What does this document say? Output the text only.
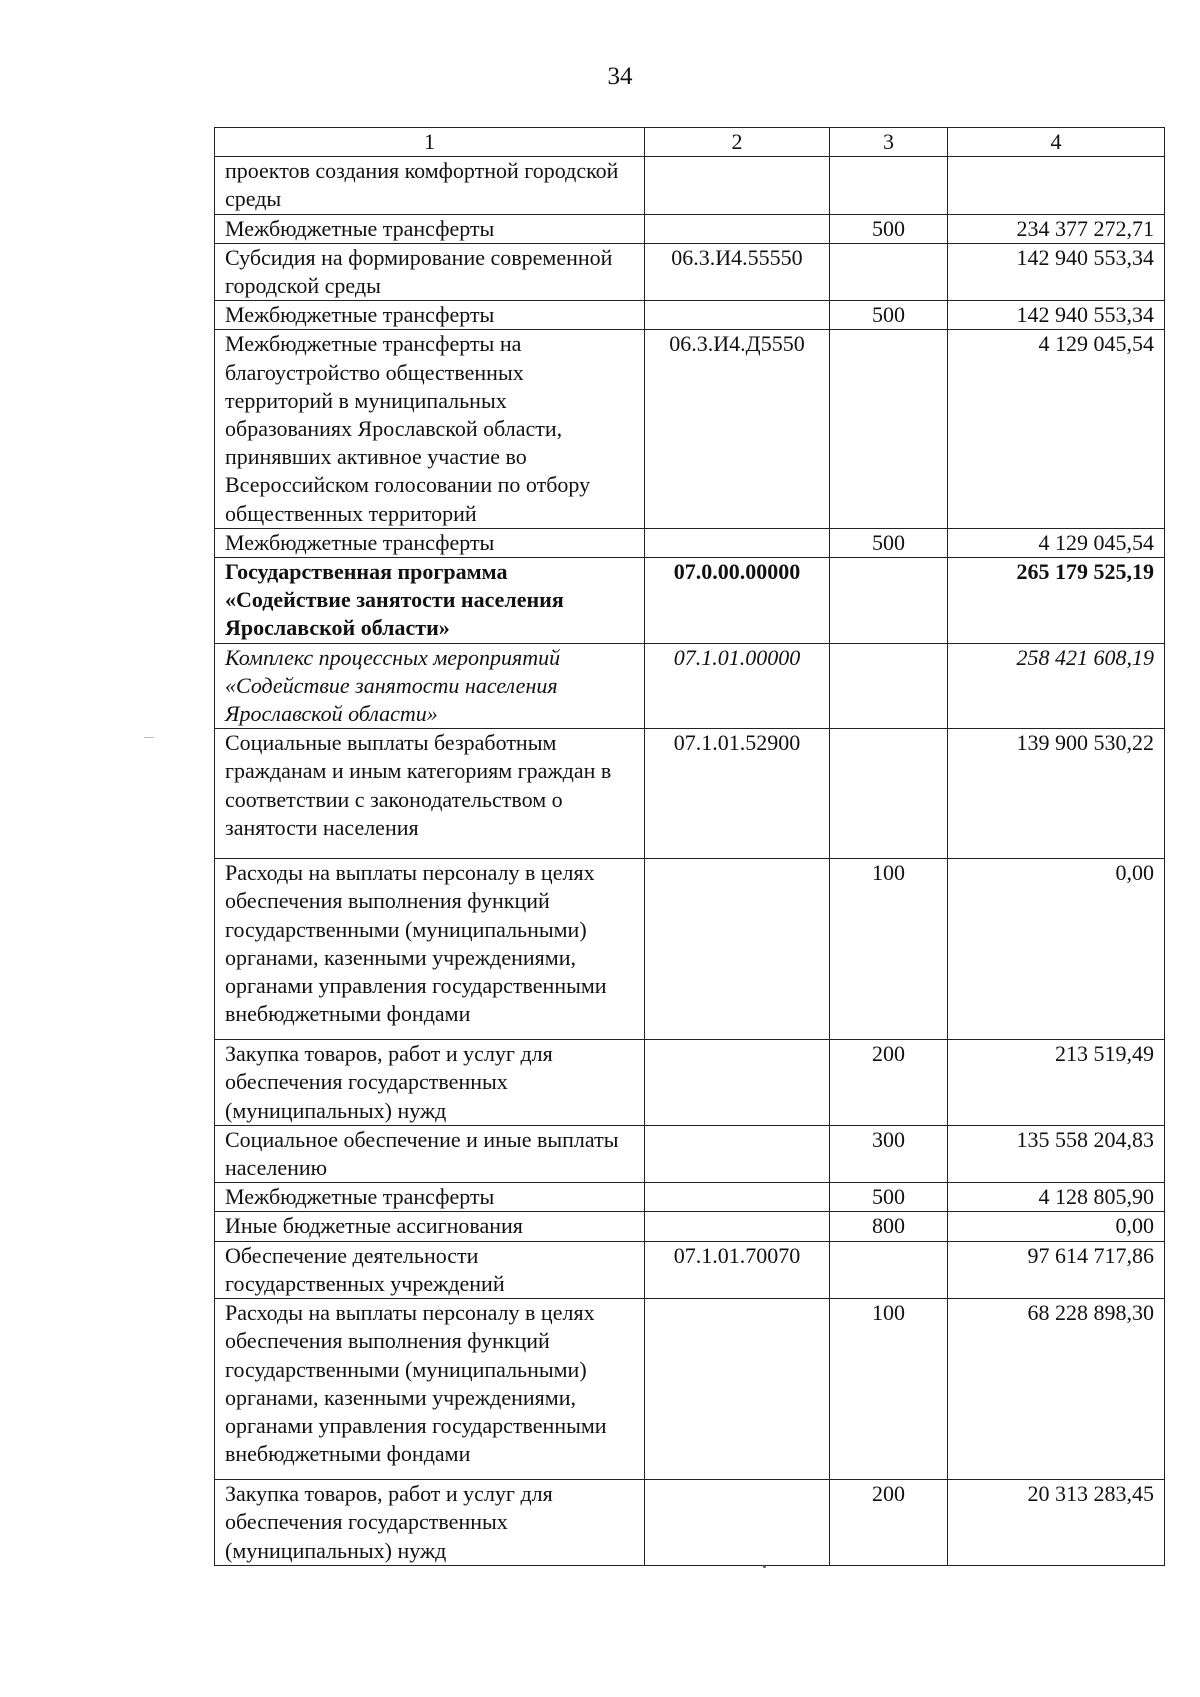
34
1	2	3	4
проектов создания комфортной городской среды			
Межбюджетные трансферты		500	234 377 272,71
Субсидия на формирование современной городской среды	06.3.И4.55550		142 940 553,34
Межбюджетные трансферты		500	142 940 553,34
Межбюджетные трансферты на благоустройство общественных территорий в муниципальных образованиях Ярославской области, принявших активное участие во Всероссийском голосовании по отбору общественных территорий	06.3.И4.Д5550		4 129 045,54
Межбюджетные трансферты		500	4 129 045,54
Государственная программа «Содействие занятости населения Ярославской области»	07.0.00.00000		265 179 525,19
Комплекс процессных мероприятий «Содействие занятости населения Ярославской области»	07.1.01.00000		258 421 608,19
Социальные выплаты безработным гражданам и иным категориям граждан в соответствии с законодательством о занятости населения	07.1.01.52900		139 900 530,22
Расходы на выплаты персоналу в целях обеспечения выполнения функций государственными (муниципальными) органами, казенными учреждениями, органами управления государственными внебюджетными фондами		100	0,00
Закупка товаров, работ и услуг для обеспечения государственных (муниципальных) нужд		200	213 519,49
Социальное обеспечение и иные выплаты населению		300	135 558 204,83
Межбюджетные трансферты		500	4 128 805,90
Иные бюджетные ассигнования		800	0,00
Обеспечение деятельности государственных учреждений	07.1.01.70070		97 614 717,86
Расходы на выплаты персоналу в целях обеспечения выполнения функций государственными (муниципальными) органами, казенными учреждениями, органами управления государственными внебюджетными фондами		100	68 228 898,30
Закупка товаров, работ и услуг для обеспечения государственных (муниципальных) нужд		200	20 313 283,45
